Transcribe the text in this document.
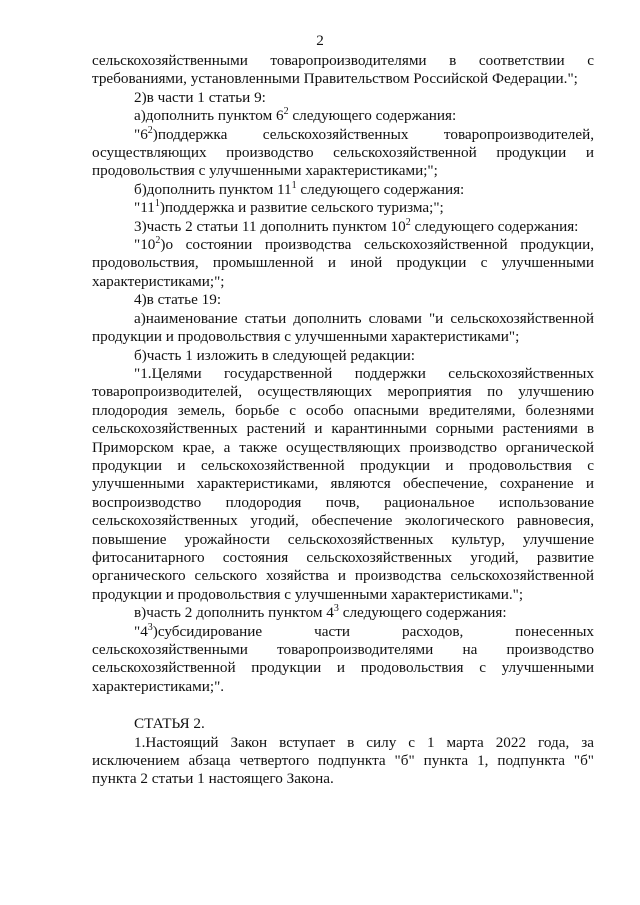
2

сельскохозяйственными товаропроизводителями в соответствии с требованиями, установленными Правительством Российской Федерации.";

2)в части 1 статьи 9:

а)дополнить пунктом $6^2$ следующего содержания:

"$6^2)поддержка$ сельскохозяйственных товаропроизводителей, осуществляющих производство сельскохозяйственной продукции и продовольствия с улучшенными характеристиками;";

б)дополнить пунктом $11^1$ следующего содержания:

"$11^1)поддержка$ и развитие сельского туризма;";

3)часть 2 статьи 11 дополнить пунктом $10^2$ следующего содержания:

"$10^2)о$ состоянии производства сельскохозяйственной продукции, продовольствия, промышленной и иной продукции с улучшенными характеристиками;";

4)в статье 19:

а)наименование статьи дополнить словами "и сельскохозяйственной продукции и продовольствия с улучшенными характеристиками";

б)часть 1 изложить в следующей редакции:

"1.Целями государственной поддержки сельскохозяйственных товаропроизводителей, осуществляющих мероприятия по улучшению плодородия земель, борьбе с особо опасными вредителями, болезнями сельскохозяйственных растений и карантинными сорными растениями в Приморском крае, а также осуществляющих производство органической продукции и сельскохозяйственной продукции и продовольствия с улучшенными характеристиками, являются обеспечение, сохранение и воспроизводство плодородия почв, рациональное использование сельскохозяйственных угодий, обеспечение экологического равновесия, повышение урожайности сельскохозяйственных культур, улучшение фитосанитарного состояния сельскохозяйственных угодий, развитие органического сельского хозяйства и производства сельскохозяйственной продукции и продовольствия с улучшенными характеристиками.";

в)часть 2 дополнить пунктом $4^3$ следующего содержания:

"$4^3)субсидирование$ части расходов, понесенных сельскохозяйственными товаропроизводителями на производство сельскохозяйственной продукции и продовольствия с улучшенными характеристиками;".

СТАТЬЯ 2.

1.Настоящий Закон вступает в силу с 1 марта 2022 года, за исключением абзаца четвертого подпункта "б" пункта 1, подпункта "б" пункта 2 статьи 1 настоящего Закона.
